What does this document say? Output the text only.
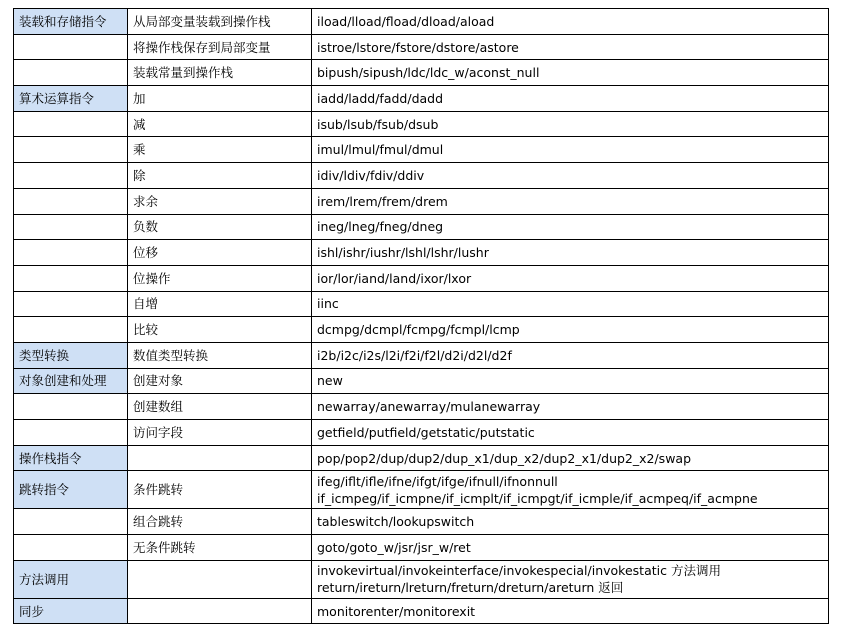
装载和存储指令	从局部变量装载到操作栈	iload/lload/fload/dload/aload

	将操作栈保存到局部变量	istroe/lstore/fstore/dstore/astore

	装载常量到操作栈	bipush/sipush/ldc/ldc_w/aconst_null

算术运算指令	加	iadd/ladd/fadd/dadd

	减	isub/lsub/fsub/dsub

	乘	imul/lmul/fmul/dmul

	除	idiv/ldiv/fdiv/ddiv

	求余	irem/lrem/frem/drem

	负数	ineg/lneg/fneg/dneg

	位移	ishl/ishr/iushr/lshl/lshr/lushr

	位操作	ior/lor/iand/land/ixor/lxor

	自增	iinc

	比较	dcmpg/dcmpl/fcmpg/fcmpl/lcmp

类型转换	数值类型转换	i2b/i2c/i2s/l2i/f2i/f2l/d2i/d2l/d2f

对象创建和处理	创建对象	new

	创建数组	newarray/anewarray/mulanewarray

	访问字段	getfield/putfield/getstatic/putstatic

操作栈指令		pop/pop2/dup/dup2/dup_x1/dup_x2/dup2_x1/dup2_x2/swap

跳转指令	条件跳转	ifeg/iflt/ifle/ifne/ifgt/ifge/ifnull/ifnonnull
if_icmpeg/if_icmpne/if_icmplt/if_icmpgt/if_icmple/if_acmpeq/if_acmpne

	组合跳转	tableswitch/lookupswitch

	无条件跳转	goto/goto_w/jsr/jsr_w/ret

方法调用		invokevirtual/invokeinterface/invokespecial/invokestatic 方法调用
return/ireturn/lreturn/freturn/dreturn/areturn 返回

同步		monitorenter/monitorexit
